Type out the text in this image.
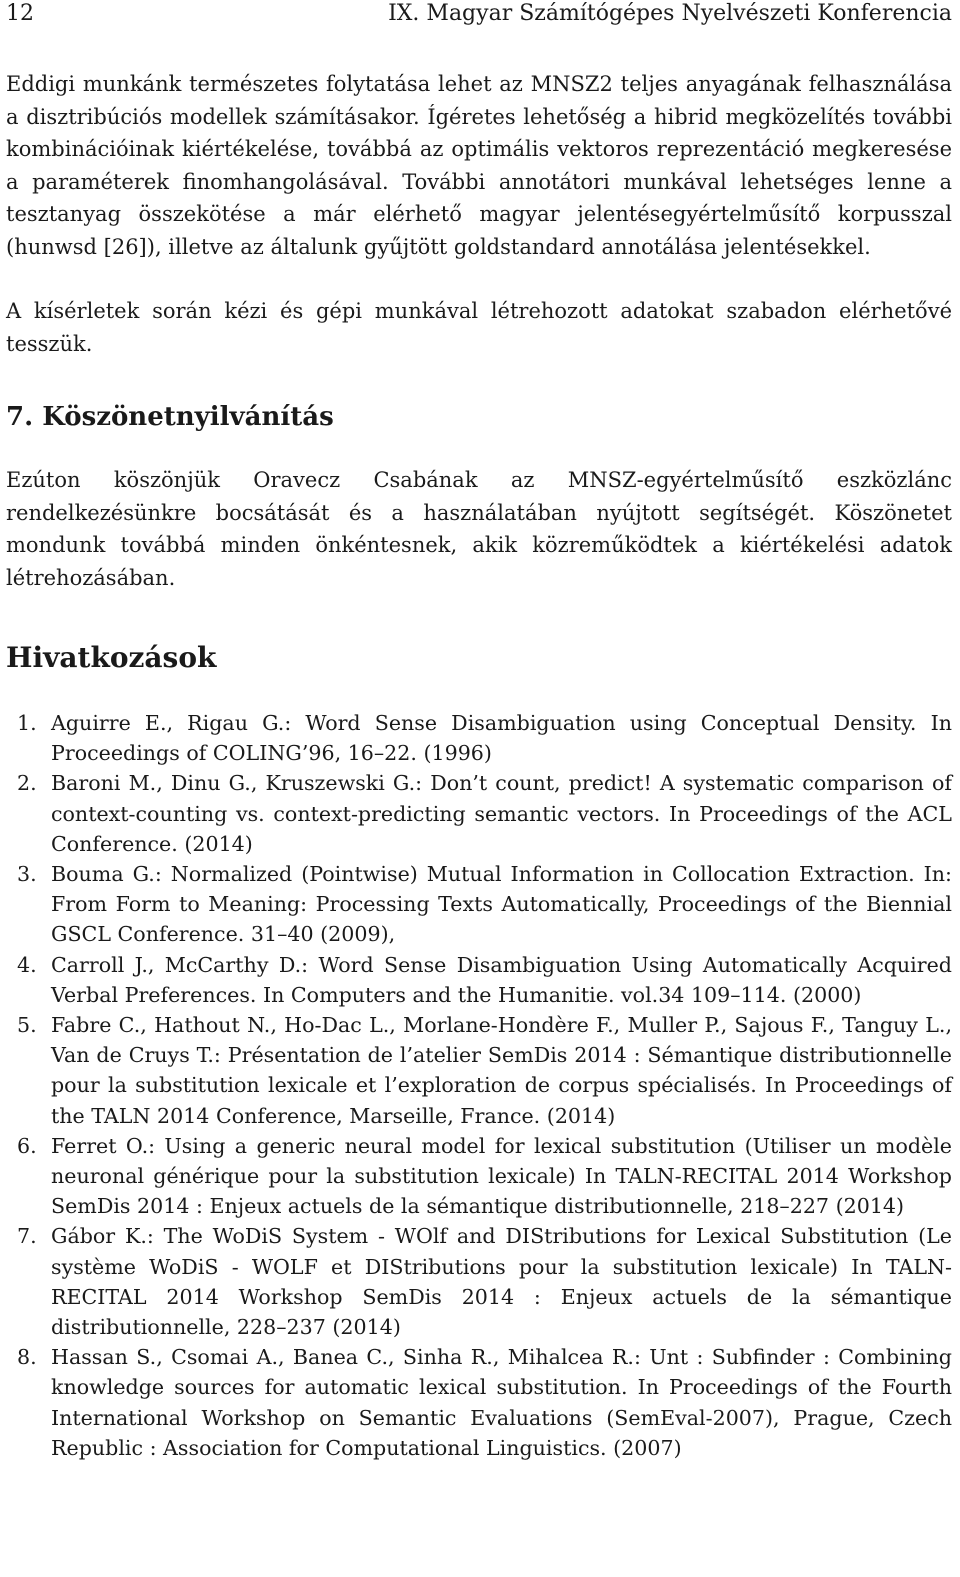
12	IX. Magyar Számítógépes Nyelvészeti Konferencia

Eddigi munkánk természetes folytatása lehet az MNSZ2 teljes anyagának felhasználása a disztribúciós modellek számításakor. Ígéretes lehetőség a hibrid megközelítés további kombinációinak kiértékelése, továbbá az optimális vektoros reprezentáció megkeresése a paraméterek finomhangolásával. További annotátori munkával lehetséges lenne a tesztanyag összekötése a már elérhető magyar jelentésegyértelműsítő korpusszal (hunwsd [26]), illetve az általunk gyűjtött goldstandard annotálása jelentésekkel.

A kísérletek során kézi és gépi munkával létrehozott adatokat szabadon elérhetővé tesszük.

7. Köszönetnyilvánítás

Ezúton köszönjük Oravecz Csabának az MNSZ-egyértelműsítő eszközlánc rendelkezésünkre bocsátását és a használatában nyújtott segítségét. Köszönetet mondunk továbbá minden önkéntesnek, akik közreműködtek a kiértékelési adatok létrehozásában.

Hivatkozások
1. Aguirre E., Rigau G.: Word Sense Disambiguation using Conceptual Density. In Proceedings of COLING’96, 16–22. (1996)
2. Baroni M., Dinu G., Kruszewski G.: Don’t count, predict! A systematic comparison of context-counting vs. context-predicting semantic vectors. In Proceedings of the ACL Conference. (2014)
3. Bouma G.: Normalized (Pointwise) Mutual Information in Collocation Extraction. In: From Form to Meaning: Processing Texts Automatically, Proceedings of the Biennial GSCL Conference. 31–40 (2009),
4. Carroll J., McCarthy D.: Word Sense Disambiguation Using Automatically Acquired Verbal Preferences. In Computers and the Humanitie. vol.34 109–114. (2000)
5. Fabre C., Hathout N., Ho-Dac L., Morlane-Hondère F., Muller P., Sajous F., Tanguy L., Van de Cruys T.: Présentation de l’atelier SemDis 2014 : Sémantique distributionnelle pour la substitution lexicale et l’exploration de corpus spécialisés. In Proceedings of the TALN 2014 Conference, Marseille, France. (2014)
6. Ferret O.: Using a generic neural model for lexical substitution (Utiliser un modèle neuronal générique pour la substitution lexicale) In TALN-RECITAL 2014 Workshop SemDis 2014 : Enjeux actuels de la sémantique distributionnelle, 218–227 (2014)
7. Gábor K.: The WoDiS System - WOlf and DIStributions for Lexical Substitution (Le système WoDiS - WOLF et DIStributions pour la substitution lexicale) In TALN-RECITAL 2014 Workshop SemDis 2014 : Enjeux actuels de la sémantique distributionnelle, 228–237 (2014)
8. Hassan S., Csomai A., Banea C., Sinha R., Mihalcea R.: Unt : Subfinder : Combining knowledge sources for automatic lexical substitution. In Proceedings of the Fourth International Workshop on Semantic Evaluations (SemEval-2007), Prague, Czech Republic : Association for Computational Linguistics. (2007)
